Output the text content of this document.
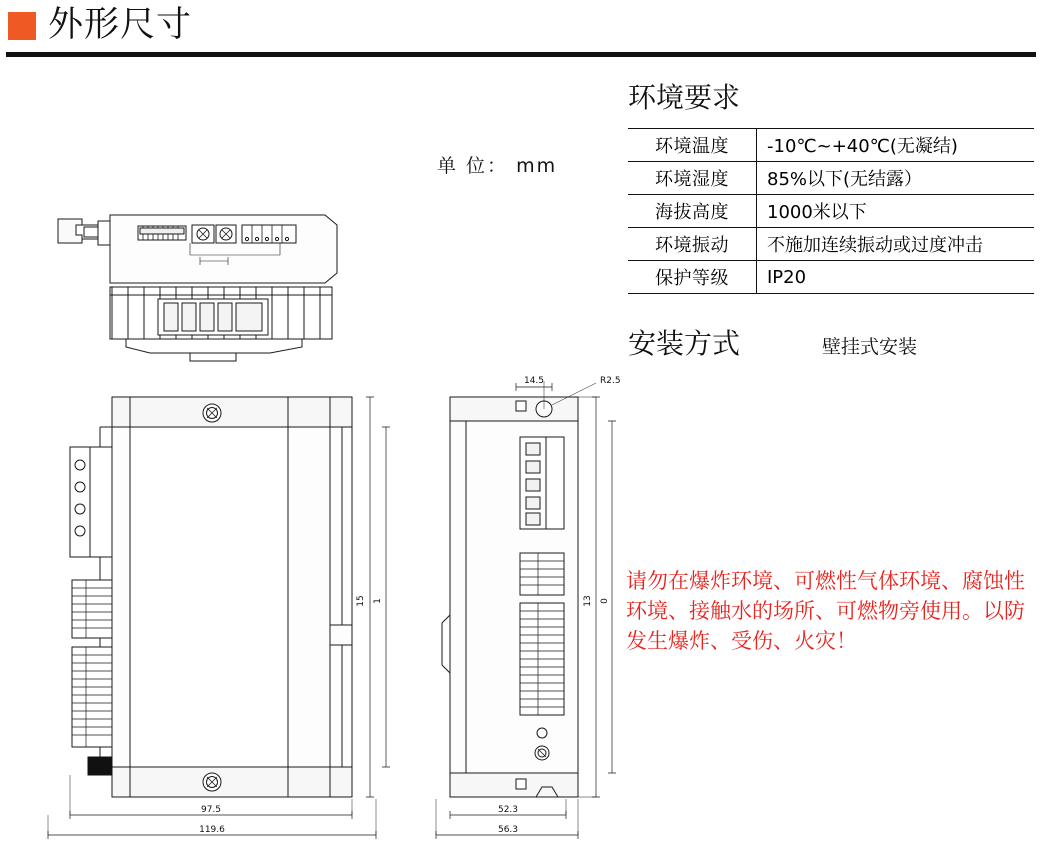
外形尺寸
单 位： mm
环境要求
环境温度	-10℃~+40℃(无凝结)
环境湿度	85%以下(无结露）
海拔高度	1000米以下
环境振动	不施加连续振动或过度冲击
保护等级	IP20
安装方式	壁挂式安装
请勿在爆炸环境、可燃性气体环境、腐蚀性环境、接触水的场所、可燃物旁使用。以防发生爆炸、受伤、火灾！
15 1
97.5
119.6
14.5	R2.5
13 0
52.3
56.3
